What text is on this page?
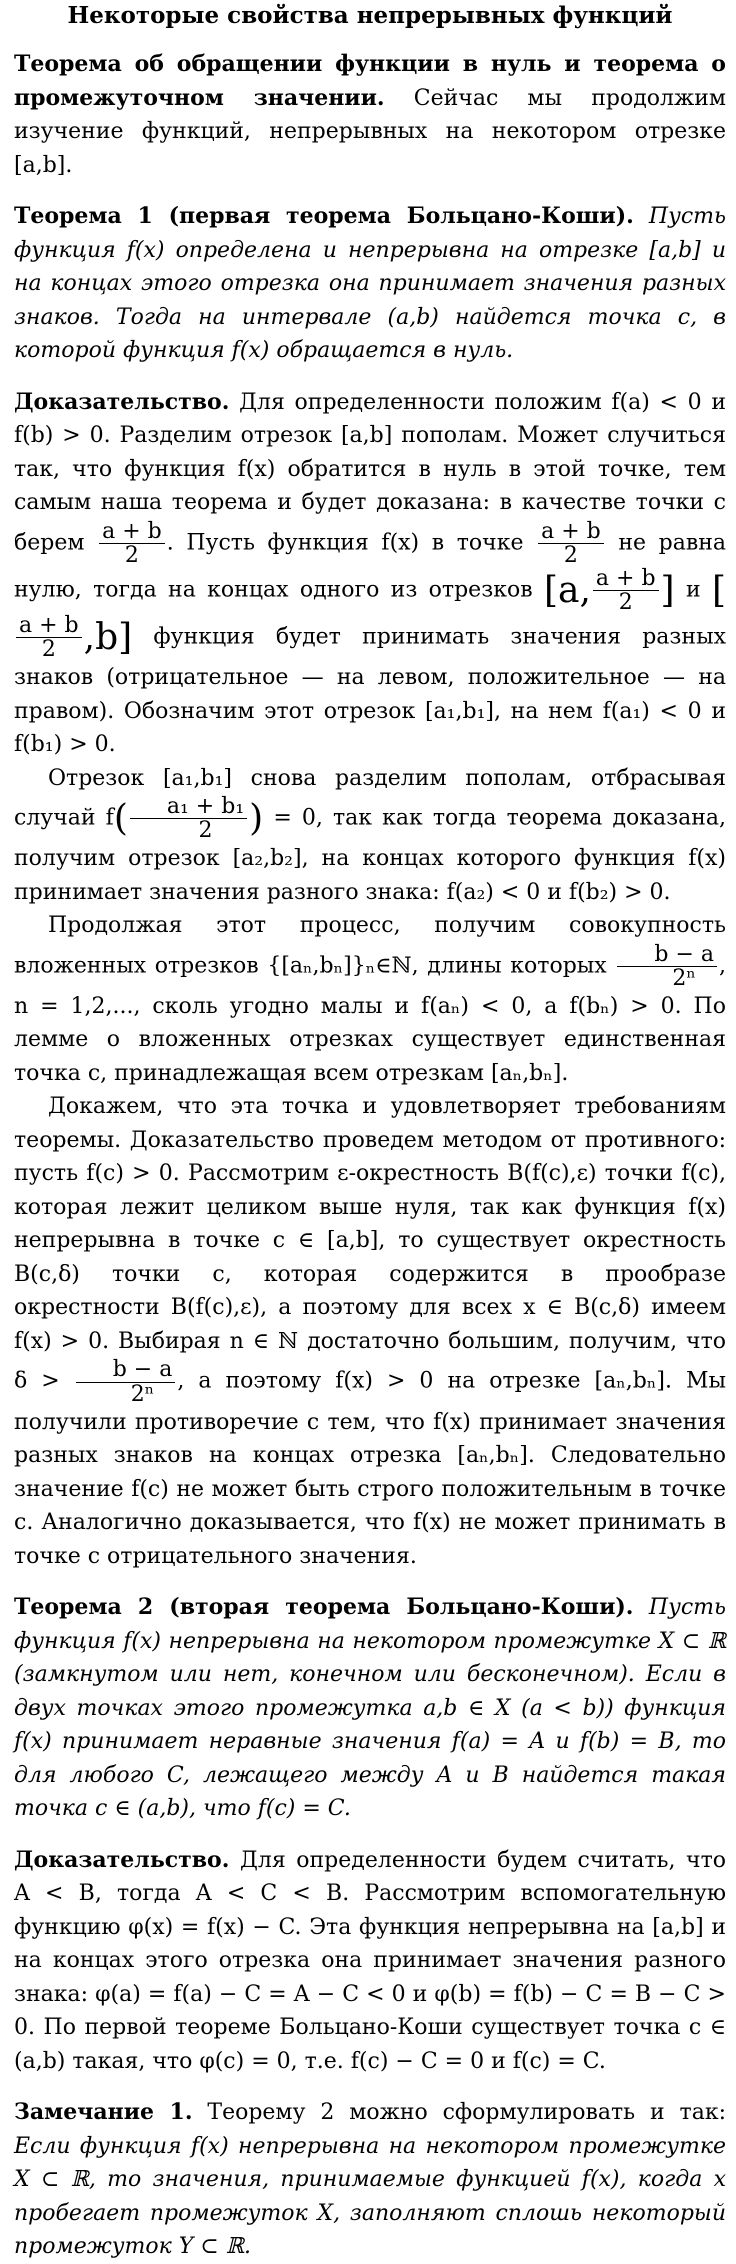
Некоторые свойства непрерывных функций

Теорема об обращении функции в нуль и теорема о промежуточном значении. Сейчас мы продолжим изучение функций, непрерывных на некотором отрезке [a,b].

Теорема 1 (первая теорема Больцано-Коши). Пусть функция f(x) определена и непрерывна на отрезке [a,b] и на концах этого отрезка она принимает значения разных знаков. Тогда на интервале (a,b) найдется точка c, в которой функция f(x) обращается в нуль.

Доказательство. Для определенности положим f(a) < 0 и f(b) > 0. Разделим отрезок [a,b] пополам. Может случиться так, что функция f(x) обратится в нуль в этой точке, тем самым наша теорема и будет доказана: в качестве точки c берем $\frac{a + b}{2}$ . Пусть функция f(x) в точке $\frac{a + b}{2}$ не равна нулю, тогда на концах одного из отрезков [a, $\frac{a + b}{2}$ ] и [
$\frac{a + b}{2} ,b$] функция будет принимать значения разных знаков (отрицательное — на левом, положительное — на правом). Обозначим этот отрезок [a₁,b₁], на нем f(a₁) < 0 и f(b₁) > 0.

Отрезок [a₁,b₁] снова разделим пополам, отбрасывая случай $f( \frac{\text{a₁ + b₁}}{2}$ ) = 0, так как тогда теорема доказана, получим отрезок [a₂,b₂], на концах которого функция f(x) принимает значения разного знака: f(a₂) < 0 и f(b₂) > 0.

Продолжая этот процесс, получим совокупность вложенных отрезков {[aₙ,bₙ]}ₙ∈ℕ, длины которых $\frac{b - a}{\text{2ⁿ}}$ , n = 1,2,..., сколь угодно малы и f(aₙ) < 0, а f(bₙ) > 0. По лемме о вложенных отрезках существует единственная точка c, принадлежащая всем отрезкам [aₙ,bₙ].

Докажем, что эта точка и удовлетворяет требованиям теоремы. Доказательство проведем методом от противного: пусть f(c) > 0. Рассмотрим ε-окрестность B(f(c),ε) точки f(c), которая лежит целиком выше нуля, так как функция f(x) непрерывна в точке c ∈ [a,b], то существует окрестность B(c,δ) точки c, которая содержится в прообразе окрестности B(f(c),ε), а поэтому для всех x ∈ B(c,δ) имеем f(x) > 0. Выбирая n ∈ ℕ достаточно большим, получим, что $\delta > \frac{b - a}{\text{2ⁿ}}$ , а поэтому f(x) > 0 на отрезке [aₙ,bₙ]. Мы получили противоречие с тем, что f(x) принимает значения разных знаков на концах отрезка [aₙ,bₙ]. Следовательно значение f(c) не может быть строго положительным в точке c. Аналогично доказывается, что f(x) не может принимать в точке c отрицательного значения.

Теорема 2 (вторая теорема Больцано-Коши). Пусть функция f(x) непрерывна на некотором промежутке X ⊂ ℝ (замкнутом или нет, конечном или бесконечном). Если в двух точках этого промежутка a,b ∈ X (a < b)) функция f(x) принимает неравные значения f(a) = A и f(b) = B, то для любого C, лежащего между A и B найдется такая точка c ∈ (a,b), что f(c) = C.

Доказательство. Для определенности будем считать, что A < B, тогда A < C < B. Рассмотрим вспомогательную функцию φ(x) = f(x) − C. Эта функция непрерывна на [a,b] и на концах этого отрезка она принимает значения разного знака: φ(a) = f(a) − C = A − C < 0 и φ(b) = f(b) − C = B − C > 0. По первой теореме Больцано-Коши существует точка c ∈ (a,b) такая, что φ(c) = 0, т.е. f(c) − C = 0 и f(c) = C.

Замечание 1. Теорему 2 можно сформулировать и так: Если функция f(x) непрерывна на некотором промежутке X ⊂ ℝ, то значения, принимаемые функцией f(x), когда x пробегает промежуток X, заполняют сплошь некоторый промежуток Y ⊂ ℝ.
